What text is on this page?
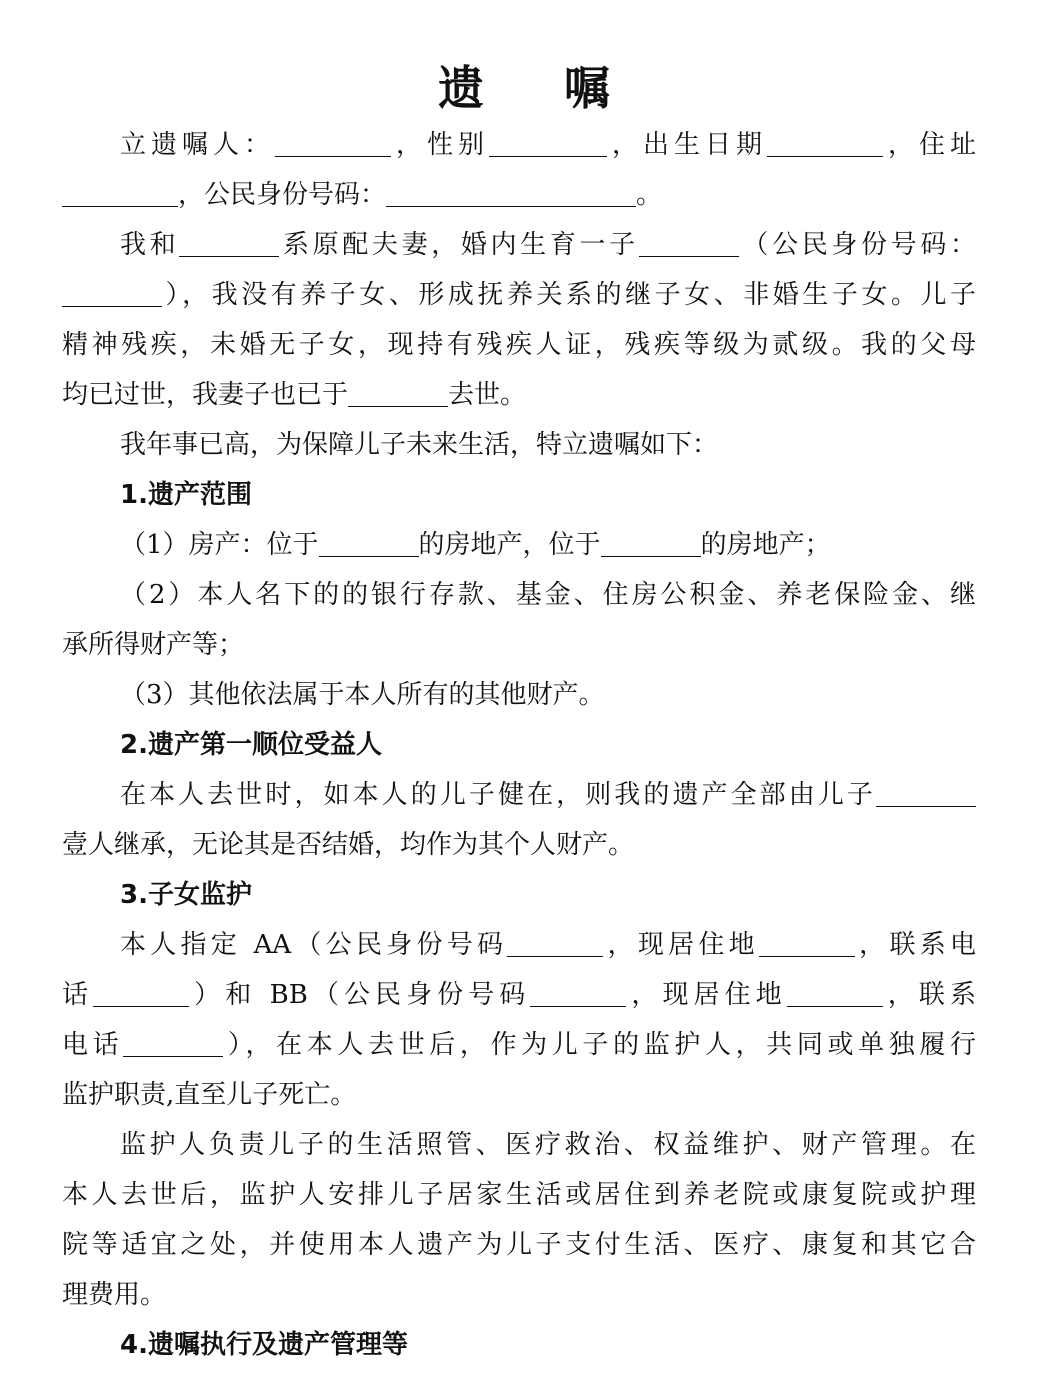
遗 嘱
立遗嘱人：	，性别	，出生日期	，住址
，公民身份号码：	。
我和	系原配夫妻，婚内生育一子	（公民身份号码：
），我没有养子女、形成抚养关系的继子女、非婚生子女。儿子
精神残疾，未婚无子女，现持有残疾人证，残疾等级为贰级。我的父母
均已过世，我妻子也已于	去世。
我年事已高，为保障儿子未来生活，特立遗嘱如下：
1.遗产范围
（1）房产：位于	的房地产，位于	的房地产；
（2）本人名下的的银行存款、基金、住房公积金、养老保险金、继
承所得财产等；
（3）其他依法属于本人所有的其他财产。
2.遗产第一顺位受益人
在本人去世时，如本人的儿子健在，则我的遗产全部由儿子
壹人继承，无论其是否结婚，均作为其个人财产。
3.子女监护
本人指定 AA（公民身份号码	，现居住地	，联系电
话	）和 BB（公民身份号码	，现居住地	，联系
电话	），在本人去世后，作为儿子的监护人，共同或单独履行
监护职责,直至儿子死亡。
监护人负责儿子的生活照管、医疗救治、权益维护、财产管理。在
本人去世后，监护人安排儿子居家生活或居住到养老院或康复院或护理
院等适宜之处，并使用本人遗产为儿子支付生活、医疗、康复和其它合
理费用。
4.遗嘱执行及遗产管理等
